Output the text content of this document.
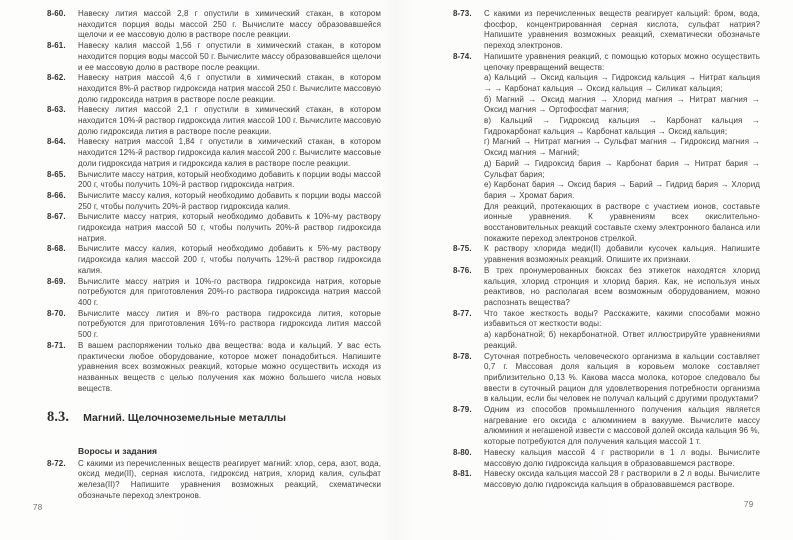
8-60. Навеску лития массой 2,8 г опустили в химический стакан, в котором находится порция воды массой 250 г. Вычислите массу образовавшейся щелочи и ее массовую долю в растворе после реакции.

8-61. Навеску калия массой 1,56 г опустили в химический стакан, в котором находится порция воды массой 50 г. Вычислите массу образовавшейся щелочи и ее массовую долю в растворе после реакции.

8-62. Навеску натрия массой 4,6 г опустили в химический стакан, в котором находится 8%-й раствор гидроксида натрия массой 250 г. Вычислите массовую долю гидроксида натрия в растворе после реакции.

8-63. Навеску лития массой 2,1 г опустили в химический стакан, в котором находится 10%-й раствор гидроксида лития массой 100 г. Вычислите массовую долю гидроксида лития в растворе после реакции.

8-64. Навеску натрия массой 1,84 г опустили в химический стакан, в котором находится 12%-й раствор гидроксида калия массой 200 г. Вычислите массовые доли гидроксида натрия и гидроксида калия в растворе после реакции.

8-65. Вычислите массу натрия, который необходимо добавить к порции воды массой 200 г, чтобы получить 10%-й раствор гидроксида натрия.

8-66. Вычислите массу калия, который необходимо добавить к порции воды массой 250 г, чтобы получить 20%-й раствор гидроксида калия.

8-67. Вычислите массу натрия, который необходимо добавить к 10%-му раствору гидроксида натрия массой 50 г, чтобы получить 20%-й раствор гидроксида натрия.

8-68. Вычислите массу калия, который необходимо добавить к 5%-му раствору гидроксида калия массой 200 г, чтобы получить 12%-й раствор гидроксида калия.

8-69. Вычислите массу натрия и 10%-го раствора гидроксида натрия, которые потребуются для приготовления 20%-го раствора гидроксида натрия массой 400 г.

8-70. Вычислите массу лития и 8%-го раствора гидроксида лития, которые потребуются для приготовления 16%-го раствора гидроксида лития массой 500 г.

8-71. В вашем распоряжении только два вещества: вода и кальций. У вас есть практически любое оборудование, которое может понадобиться. Напишите уравнения всех возможных реакций, которые можно осуществить исходя из названных веществ с целью получения как можно большего числа новых веществ.

8.3. Магний. Щелочноземельные металлы
Воросы и задания

8-72. С какими из перечисленных веществ реагирует магний: хлор, сера, азот, вода, оксид меди(II), серная кислота, гидроксид натрия, хлорид калия, сульфат железа(II)? Напишите уравнения возможных реакций, схематически обозначьте переход электронов.

8-73. С какими из перечисленных веществ реагирует кальций: бром, вода, фосфор, концентрированная серная кислота, сульфат натрия? Напишите уравнения возможных реакций, схематически обозначьте переход электронов.

8-74. Напишите уравнения реакций, с помощью которых можно осуществить цепочку превращений веществ:

а) Кальций → Оксид кальция → Гидроксид кальция → Нитрат кальция → → Карбонат кальция → Оксид кальция → Силикат кальция;

б) Магний → Оксид магния → Хлорид магния → Нитрат магния → Оксид магния → Ортофосфат магния;

в) Кальций → Гидроксид кальция → Карбонат кальция → Гидрокарбонат кальция → Карбонат кальция → Оксид кальция;

г) Магний → Нитрат магния → Сульфат магния → Гидроксид магния → Оксид магния → Магний;

д) Барий → Гидроксид бария → Карбонат бария → Нитрат бария → Сульфат бария;

е) Карбонат бария → Оксид бария → Барий → Гидрид бария → Хлорид бария → Хромат бария.

Для реакций, протекающих в растворе с участием ионов, составьте ионные уравнения. К уравнениям всех окислительно-восстановительных реакций составьте схему электронного баланса или покажите переход электронов стрелкой.

8-75. К раствору хлорида меди(II) добавили кусочек кальция. Напишите уравнения возможных реакций. Опишите их признаки.

8-76. В трех пронумерованных бюксах без этикеток находятся хлорид кальция, хлорид стронция и хлорид бария. Как, не используя иных реактивов, но располагая всем возможным оборудованием, можно распознать вещества?

8-77. Что такое жесткость воды? Расскажите, какими способами можно избавиться от жесткости воды:

а) карбонатной; б) некарбонатной. Ответ иллюстрируйте уравнениями реакций.

8-78. Суточная потребность человеческого организма в кальции составляет 0,7 г. Массовая доля кальция в коровьем молоке составляет приблизительно 0,13 %. Какова масса молока, которое следовало бы ввести в суточный рацион для удовлетворения потребности организма в кальции, если бы человек не получал кальций с другими продуктами?

8-79. Одним из способов промышленного получения кальция является нагревание его оксида с алюминием в вакууме. Вычислите массу алюминия и негашеной извести с массовой долей оксида кальция 96 %, которые потребуются для получения кальция массой 1 т.

8-80. Навеску кальция массой 4 г растворили в 1 л воды. Вычислите массовую долю гидроксида кальция в образовавшемся растворе.

8-81. Навеску оксида кальция массой 28 г растворили в 2 л воды. Вычислите массовую долю гидроксида кальция в образовавшемся растворе.

78	79
